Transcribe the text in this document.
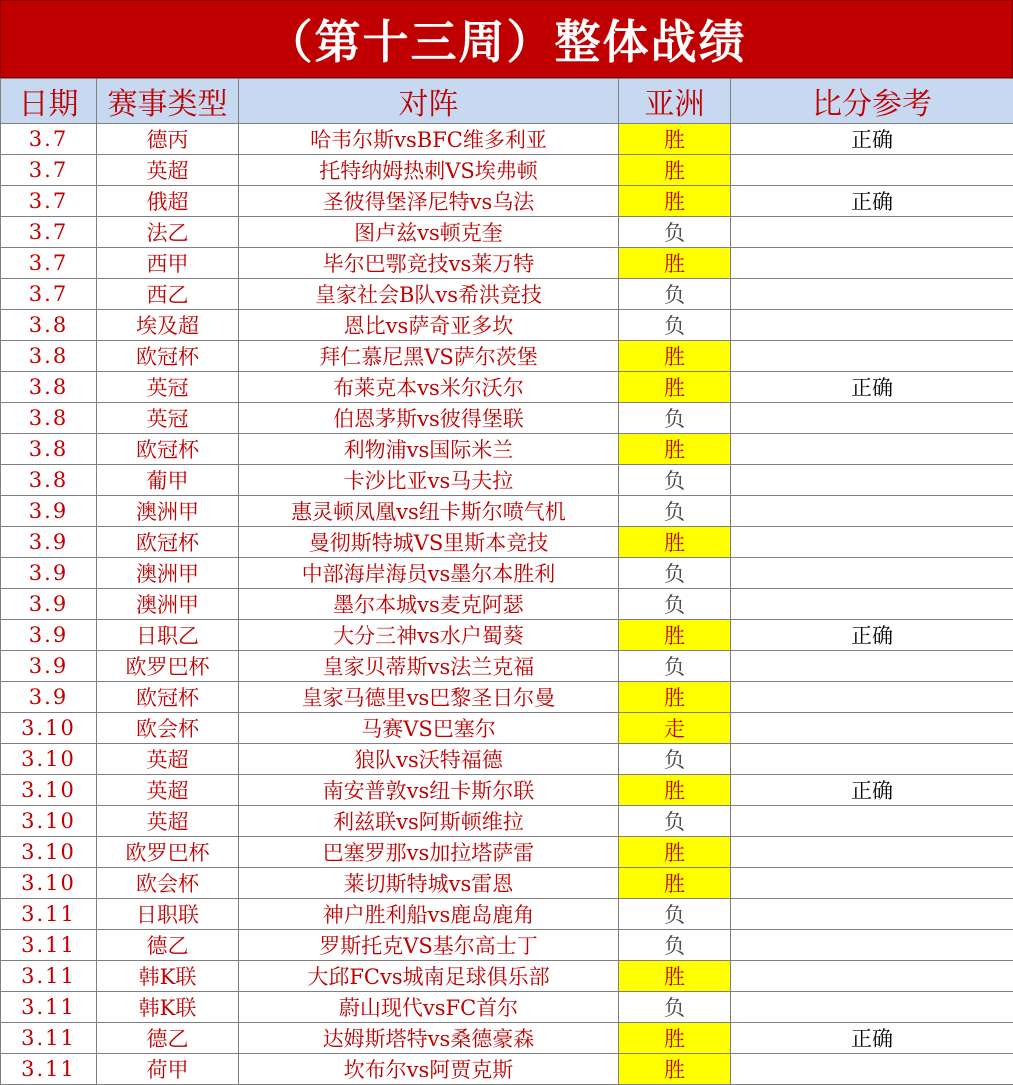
（第十三周）整体战绩
日期	赛事类型	对阵	亚洲	比分参考
3.7	德丙	哈韦尔斯vsBFC维多利亚	胜	正确
3.7	英超	托特纳姆热刺VS埃弗顿	胜	
3.7	俄超	圣彼得堡泽尼特vs乌法	胜	正确
3.7	法乙	图卢兹vs顿克奎	负	
3.7	西甲	毕尔巴鄂竞技vs莱万特	胜	
3.7	西乙	皇家社会B队vs希洪竞技	负	
3.8	埃及超	恩比vs萨奇亚多坎	负	
3.8	欧冠杯	拜仁慕尼黑VS萨尔茨堡	胜	
3.8	英冠	布莱克本vs米尔沃尔	胜	正确
3.8	英冠	伯恩茅斯vs彼得堡联	负	
3.8	欧冠杯	利物浦vs国际米兰	胜	
3.8	葡甲	卡沙比亚vs马夫拉	负	
3.9	澳洲甲	惠灵顿凤凰vs纽卡斯尔喷气机	负	
3.9	欧冠杯	曼彻斯特城VS里斯本竞技	胜	
3.9	澳洲甲	中部海岸海员vs墨尔本胜利	负	
3.9	澳洲甲	墨尔本城vs麦克阿瑟	负	
3.9	日职乙	大分三神vs水户蜀葵	胜	正确
3.9	欧罗巴杯	皇家贝蒂斯vs法兰克福	负	
3.9	欧冠杯	皇家马德里vs巴黎圣日尔曼	胜	
3.10	欧会杯	马赛VS巴塞尔	走	
3.10	英超	狼队vs沃特福德	负	
3.10	英超	南安普敦vs纽卡斯尔联	胜	正确
3.10	英超	利兹联vs阿斯顿维拉	负	
3.10	欧罗巴杯	巴塞罗那vs加拉塔萨雷	胜	
3.10	欧会杯	莱切斯特城vs雷恩	胜	
3.11	日职联	神户胜利船vs鹿岛鹿角	负	
3.11	德乙	罗斯托克VS基尔高士丁	负	
3.11	韩K联	大邱FCvs城南足球俱乐部	胜	
3.11	韩K联	蔚山现代vsFC首尔	负	
3.11	德乙	达姆斯塔特vs桑德豪森	胜	正确
3.11	荷甲	坎布尔vs阿贾克斯	胜	
